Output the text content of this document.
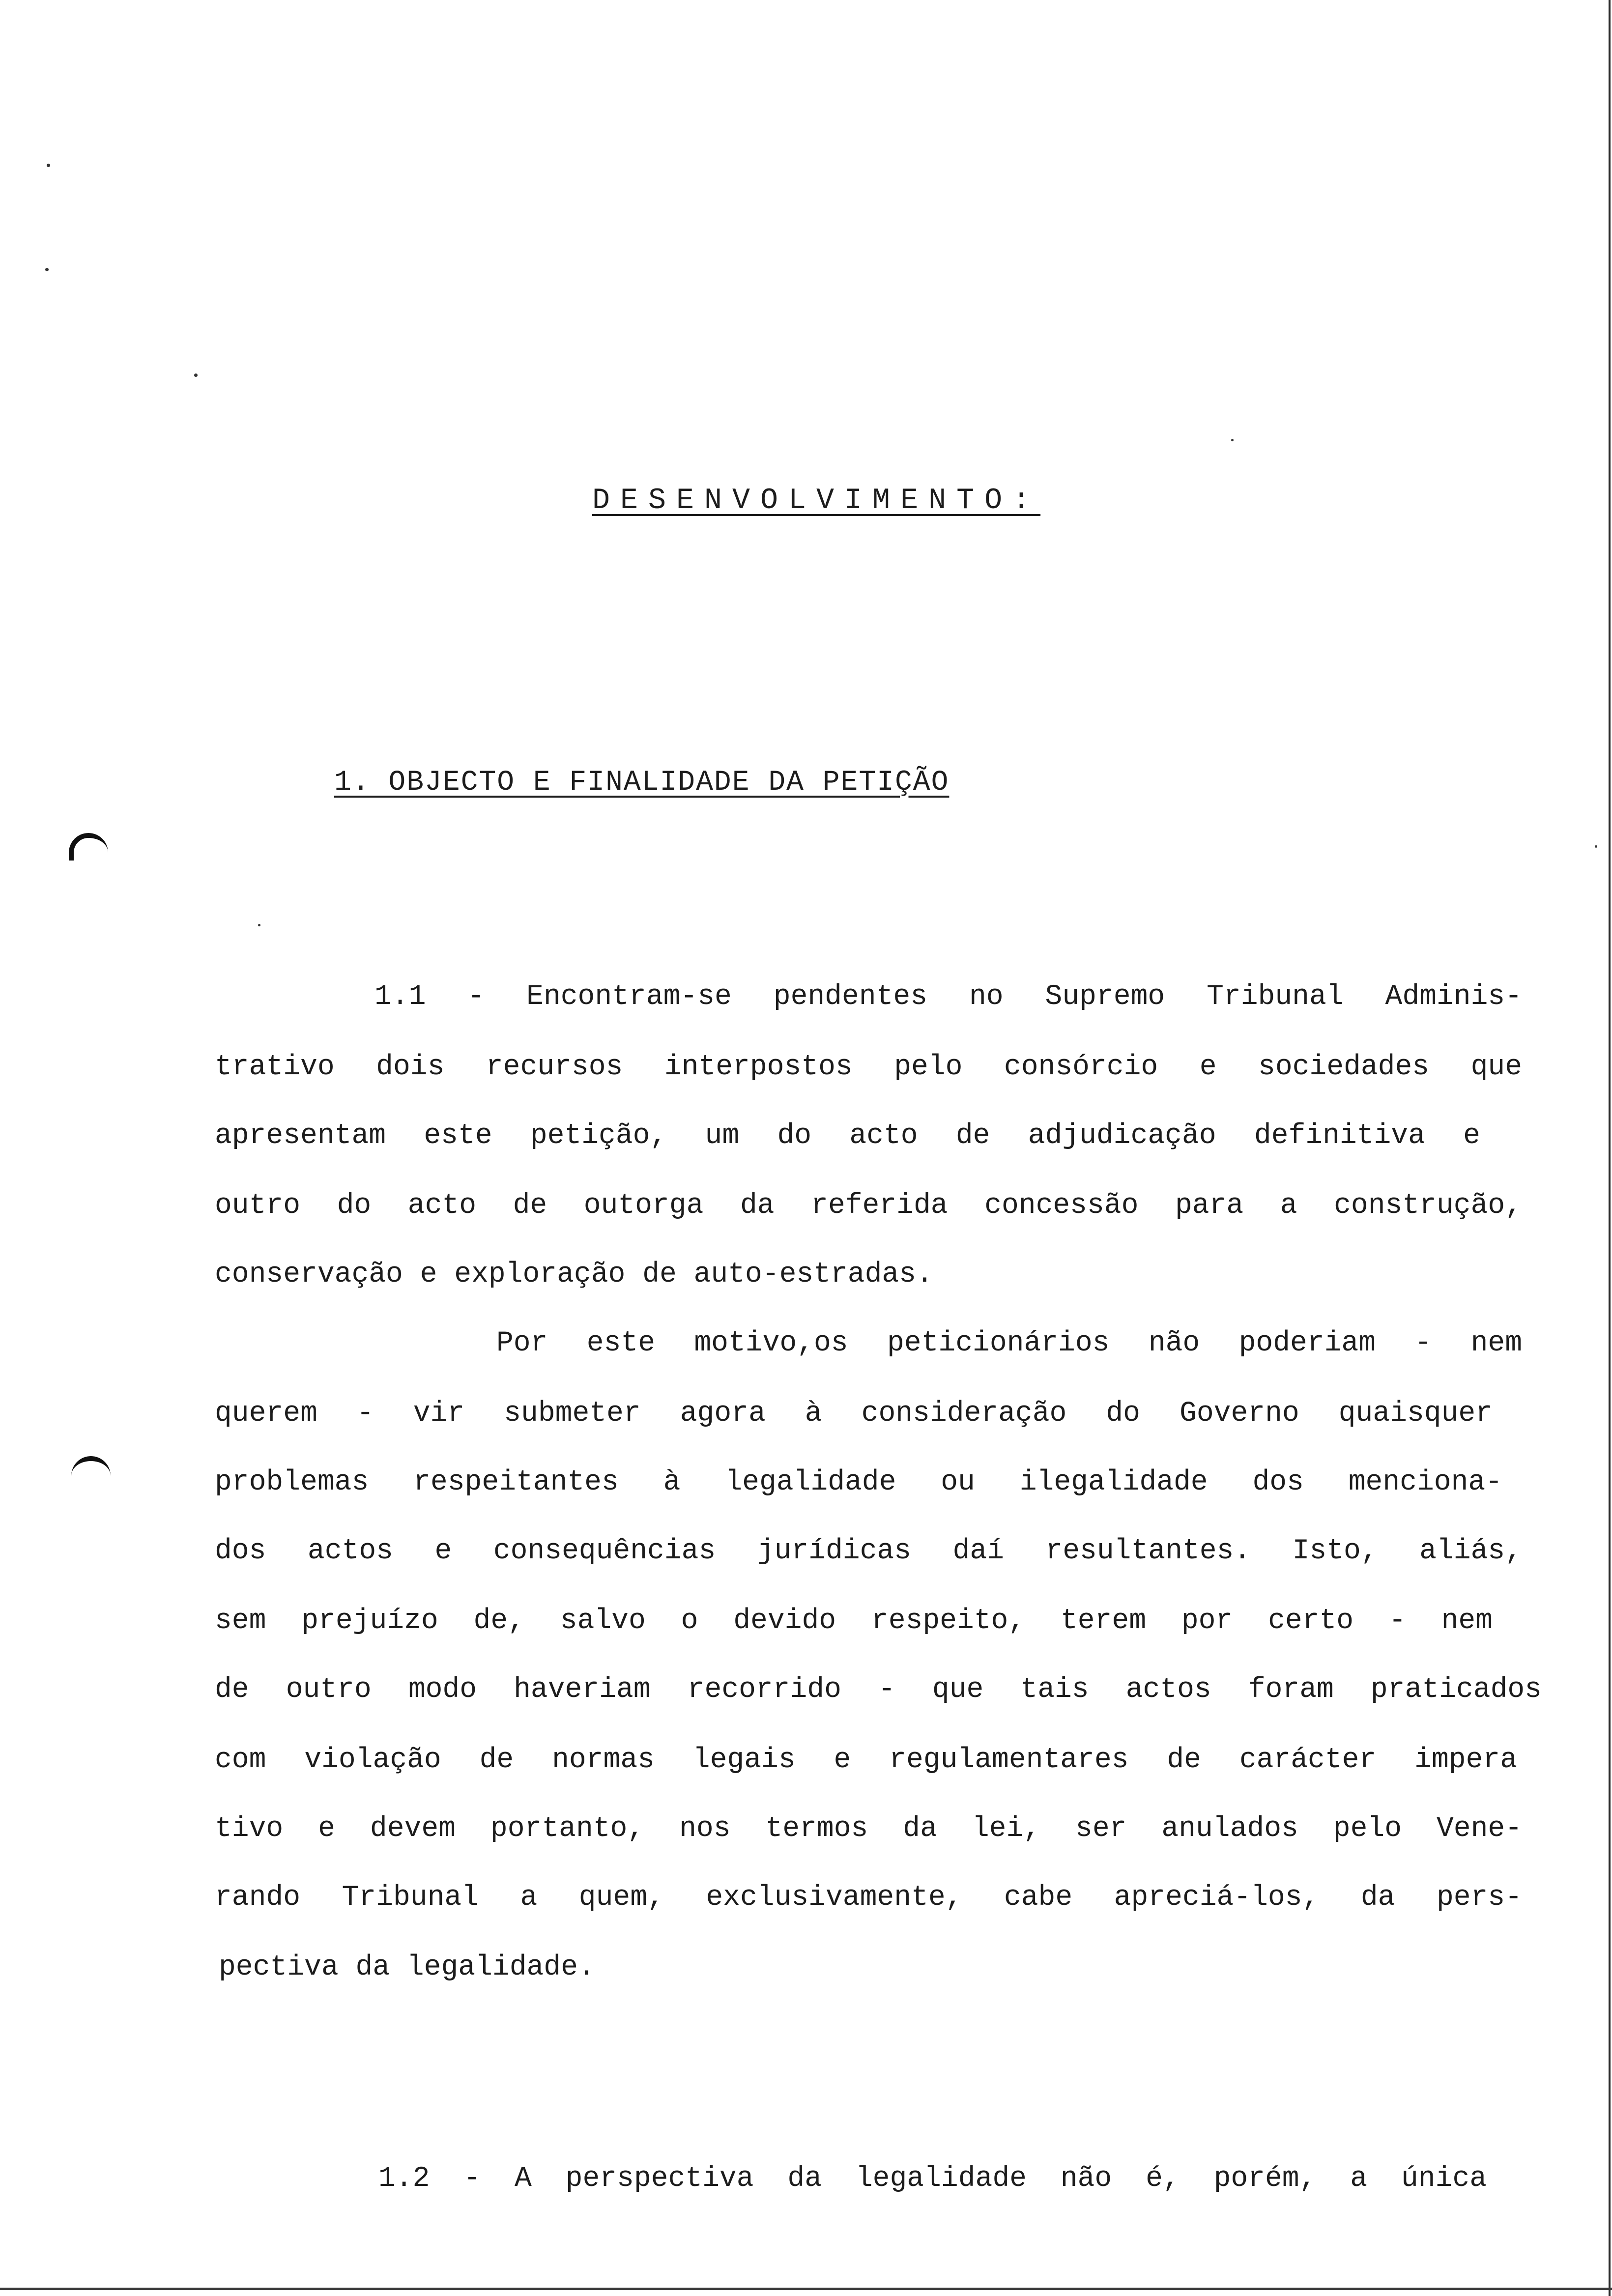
DESENVOLVIMENTO:
1. OBJECTO E FINALIDADE DA PETIÇÃO
1.1 - Encontram-se pendentes no Supremo Tribunal Adminis-
trativo dois recursos interpostos pelo consórcio e sociedades que
apresentam este petição, um do acto de adjudicação definitiva e
outro do acto de outorga da referida concessão para a construção,
conservação e exploração de auto-estradas.
Por este motivo,os peticionários não poderiam - nem
querem - vir submeter agora à consideração do Governo quaisquer
problemas respeitantes à legalidade ou ilegalidade dos menciona-
dos actos e consequências jurídicas daí resultantes. Isto, aliás,
sem prejuízo de, salvo o devido respeito, terem por certo - nem
de outro modo haveriam recorrido - que tais actos foram praticados
com violação de normas legais e regulamentares de carácter impera
tivo e devem portanto, nos termos da lei, ser anulados pelo Vene-
rando Tribunal a quem, exclusivamente, cabe apreciá-los, da pers-
pectiva da legalidade.
1.2 - A perspectiva da legalidade não é, porém, a única
